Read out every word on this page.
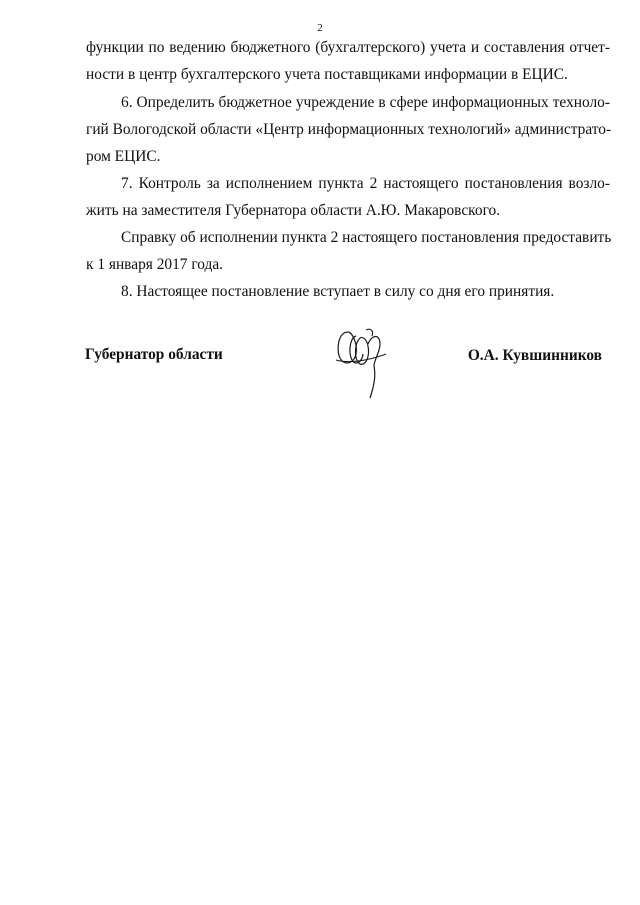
2
функции по ведению бюджетного (бухгалтерского) учета и составления отчет-
ности в центр бухгалтерского учета поставщиками информации в ЕЦИС.
6. Определить бюджетное учреждение в сфере информационных техноло-
гий Вологодской области «Центр информационных технологий» администрато-
ром ЕЦИС.
7. Контроль за исполнением пункта 2 настоящего постановления возло-
жить на заместителя Губернатора области А.Ю. Макаровского.
Справку об исполнении пункта 2 настоящего постановления предоставить
к 1 января 2017 года.
8. Настоящее постановление вступает в силу со дня его принятия.
Губернатор области	О.А. Кувшинников
